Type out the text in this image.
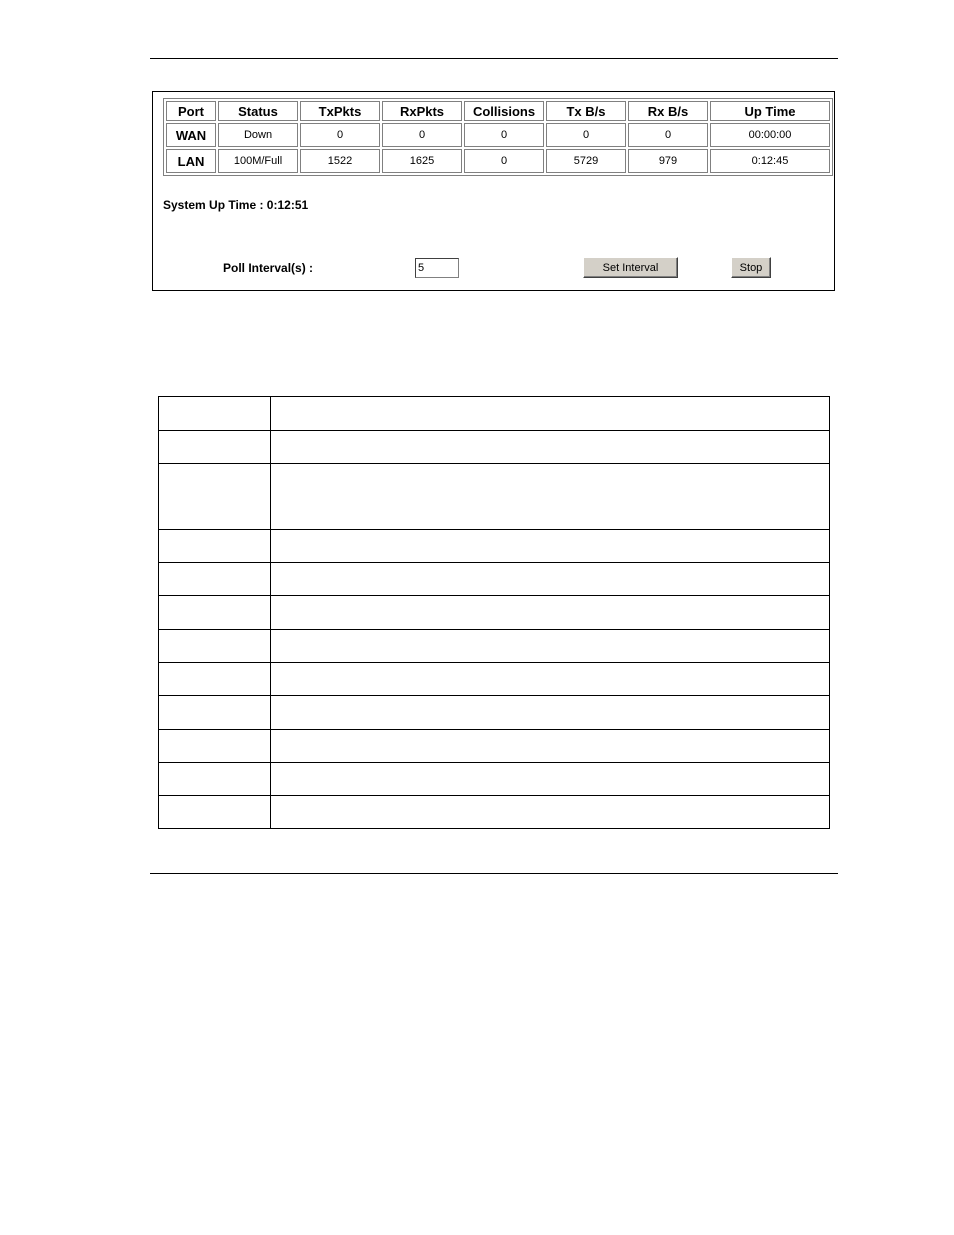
Port	Status	TxPkts	RxPkts	Collisions	Tx B/s	Rx B/s	Up Time
WAN	Down	0	0	0	0	0	00:00:00
LAN	100M/Full	1522	1625	0	5729	979	0:12:45
System Up Time : 0:12:51
Poll Interval(s) :
5	Set Interval	Stop
